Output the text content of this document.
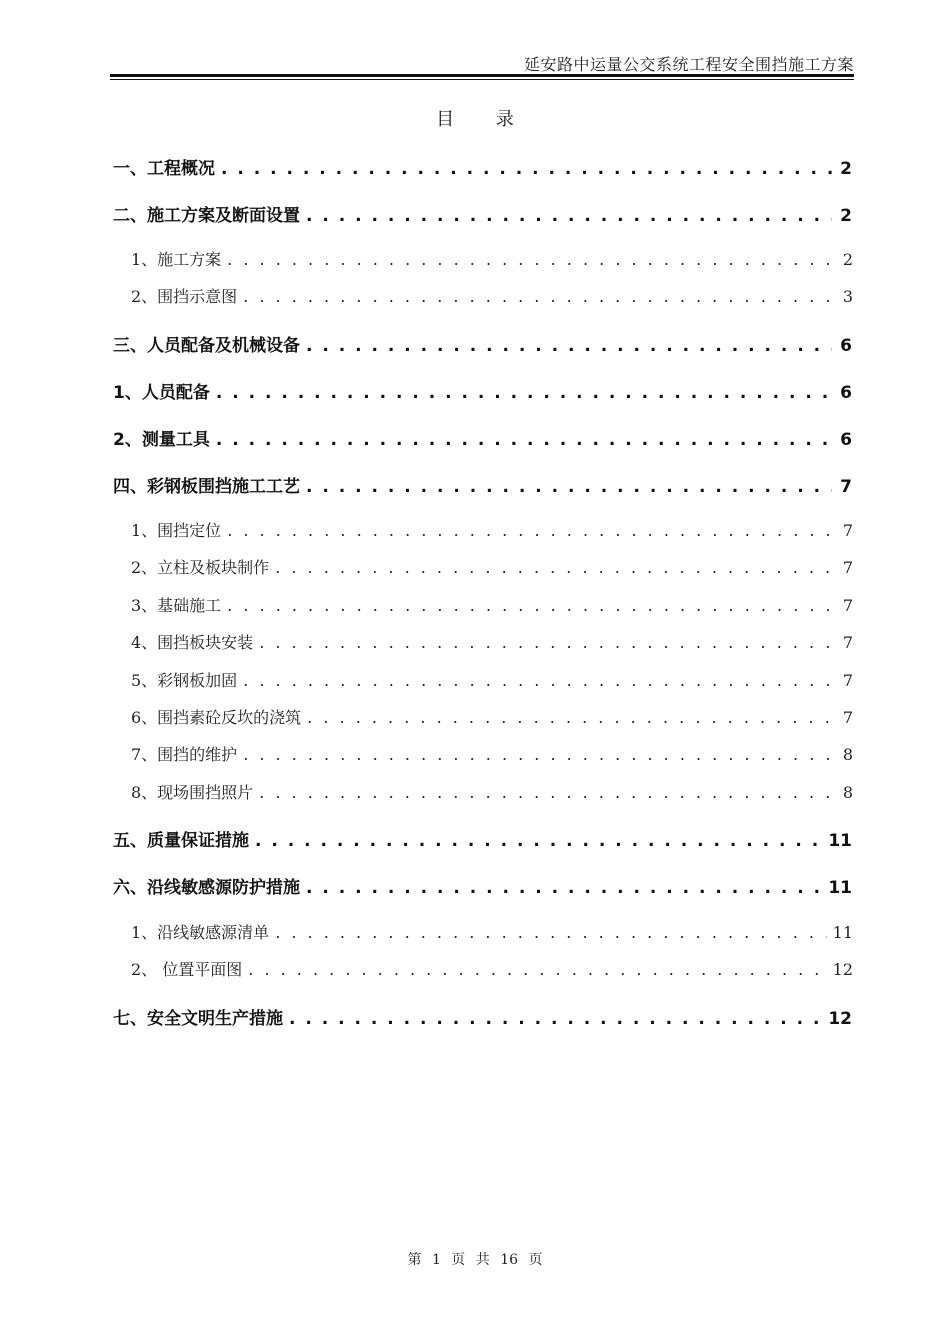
延安路中运量公交系统工程安全围挡施工方案
目 录
一、工程概况 . . .	2
二、施工方案及断面设置 . . .	2
1、施工方案 . . .	2
2、围挡示意图 . . .	3
三、人员配备及机械设备 . . .	6
1、人员配备 . . .	6
2、测量工具 . . .	6
四、彩钢板围挡施工工艺 . . .	7
1、围挡定位 . . .	7
2、立柱及板块制作 . . .	7
3、基础施工 . . .	7
4、围挡板块安装 . . .	7
5、彩钢板加固 . . .	7
6、围挡素砼反坎的浇筑 . . .	7
7、围挡的维护 . . .	8
8、现场围挡照片 . . .	8
五、质量保证措施 . . .	11
六、沿线敏感源防护措施 . . .	11
1、沿线敏感源清单 . . .	11
2、 位置平面图 . . .	12
七、安全文明生产措施 . . .	12
第 1 页 共 16 页
